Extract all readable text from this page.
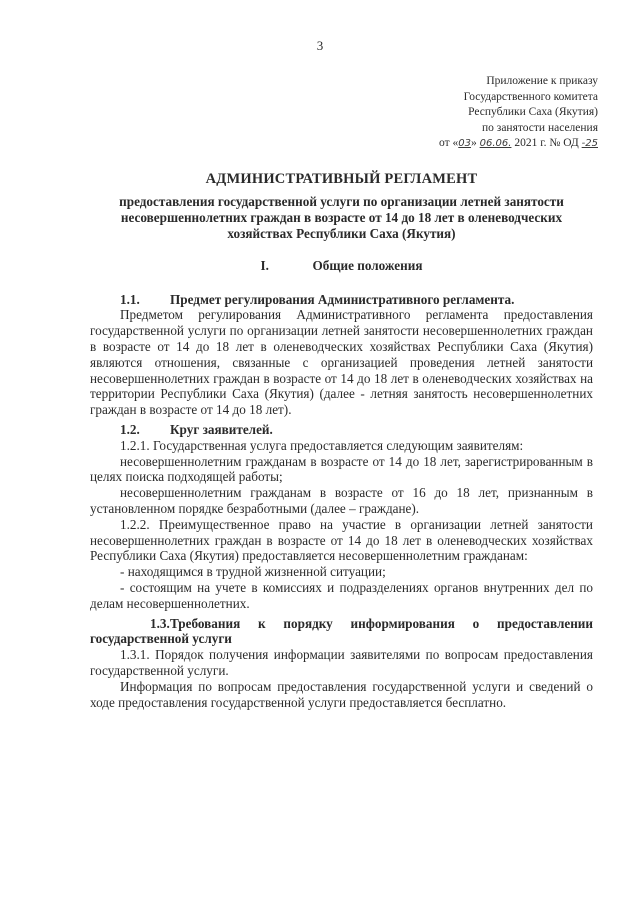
3
Приложение к приказу
Государственного комитета
Республики Саха (Якутия)
по занятости населения
от «03» 06.06. 2021 г. № ОД -25
АДМИНИСТРАТИВНЫЙ РЕГЛАМЕНТ
предоставления государственной услуги по организации летней занятости несовершеннолетних граждан в возрасте от 14 до 18 лет в оленеводческих хозяйствах Республики Саха (Якутия)
I.	Общие положения
1.1. Предмет регулирования Административного регламента.
Предметом регулирования Административного регламента предоставления государственной услуги по организации летней занятости несовершеннолетних граждан в возрасте от 14 до 18 лет в оленеводческих хозяйствах Республики Саха (Якутия) являются отношения, связанные с организацией проведения летней занятости несовершеннолетних граждан в возрасте от 14 до 18 лет в оленеводческих хозяйствах на территории Республики Саха (Якутия) (далее - летняя занятость несовершеннолетних граждан в возрасте от 14 до 18 лет).
1.2. Круг заявителей.
1.2.1. Государственная услуга предоставляется следующим заявителям:
несовершеннолетним гражданам в возрасте от 14 до 18 лет, зарегистрированным в целях поиска подходящей работы;
несовершеннолетним гражданам в возрасте от 16 до 18 лет, признанным в установленном порядке безработными (далее – граждане).
1.2.2. Преимущественное право на участие в организации летней занятости несовершеннолетних граждан в возрасте от 14 до 18 лет в оленеводческих хозяйствах Республики Саха (Якутия) предоставляется несовершеннолетним гражданам:
- находящимся в трудной жизненной ситуации;
- состоящим на учете в комиссиях и подразделениях органов внутренних дел по делам несовершеннолетних.
1.3.Требования к порядку информирования о предоставлении государственной услуги
1.3.1. Порядок получения информации заявителями по вопросам предоставления государственной услуги.
Информация по вопросам предоставления государственной услуги и сведений о ходе предоставления государственной услуги предоставляется бесплатно.
